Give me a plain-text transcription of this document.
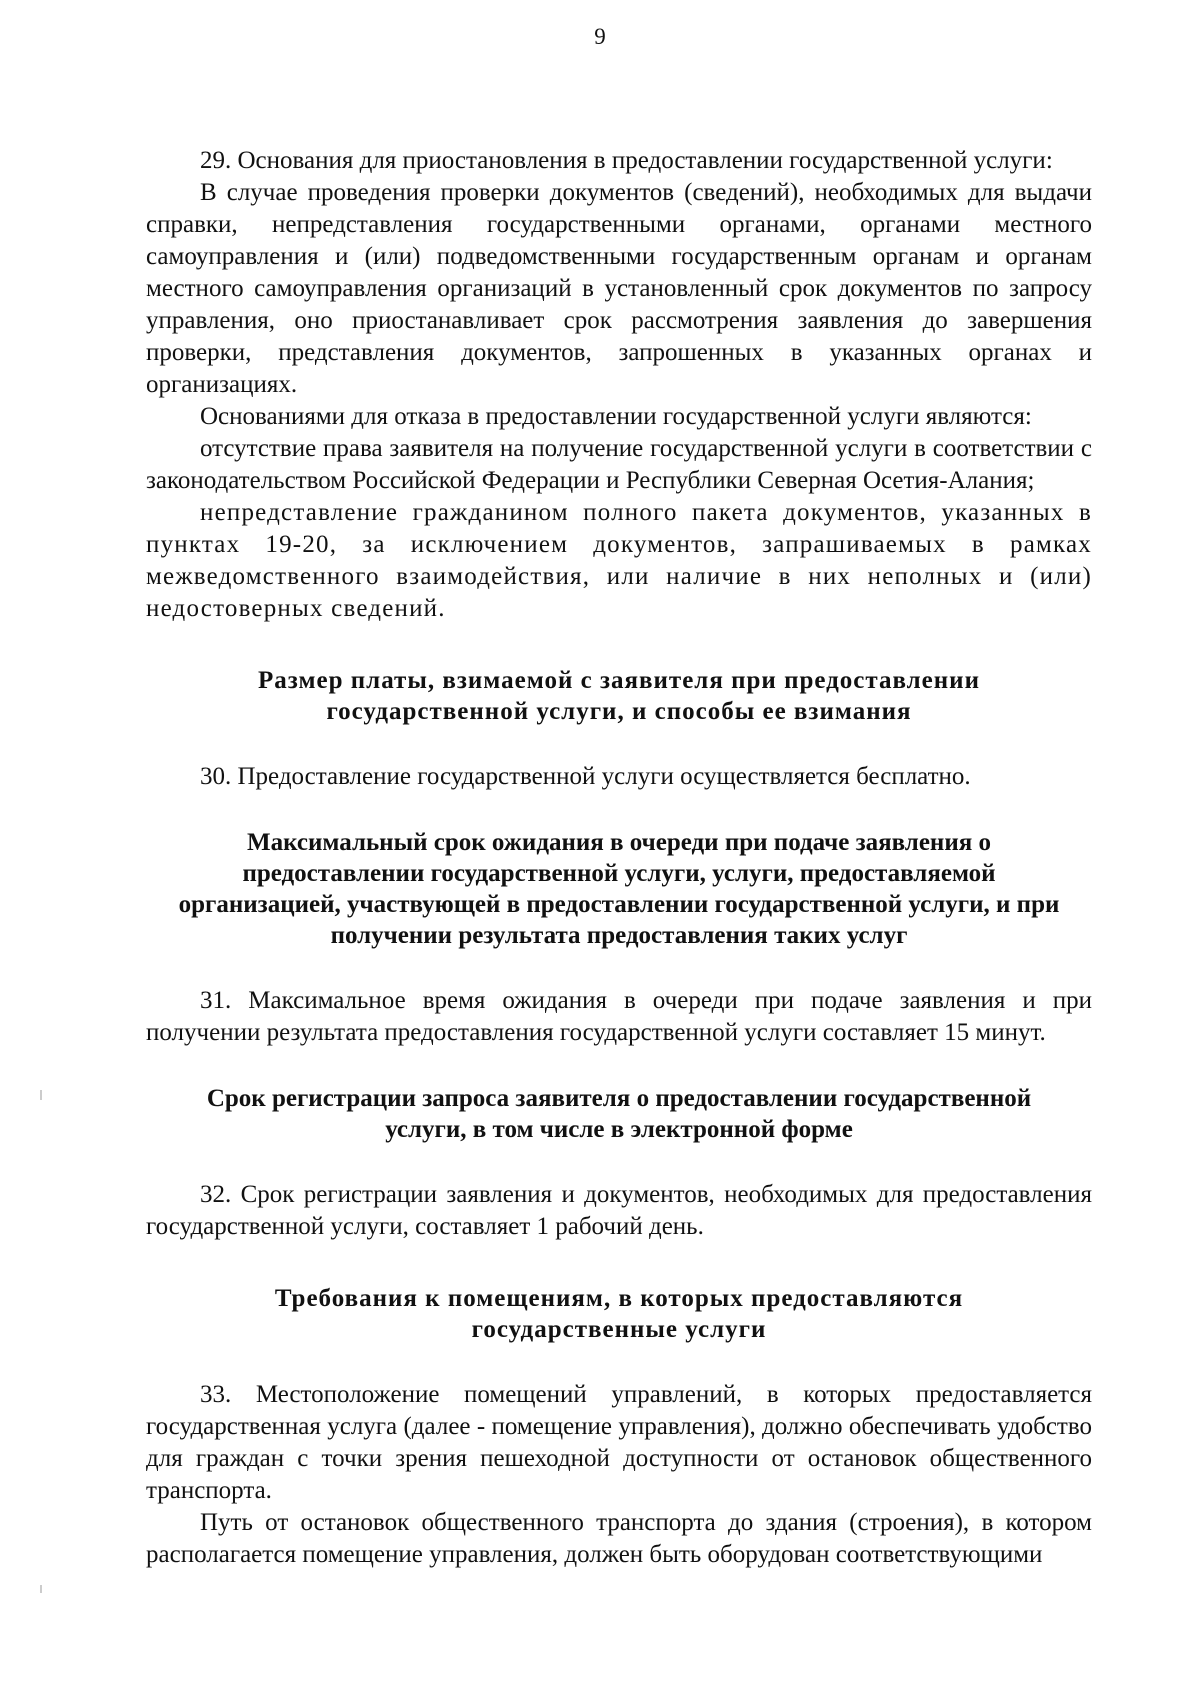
9

29. Основания для приостановления в предоставлении государственной услуги:

В случае проведения проверки документов (сведений), необходимых для выдачи справки, непредставления государственными органами, органами местного самоуправления и (или) подведомственными государственным органам и органам местного самоуправления организаций в установленный срок документов по запросу управления, оно приостанавливает срок рассмотрения заявления до завершения проверки, представления документов, запрошенных в указанных органах и организациях.

Основаниями для отказа в предоставлении государственной услуги являются:

отсутствие права заявителя на получение государственной услуги в соответствии с законодательством Российской Федерации и Республики Северная Осетия-Алания;

непредставление гражданином полного пакета документов, указанных в пунктах 19-20, за исключением документов, запрашиваемых в рамках межведомственного взаимодействия, или наличие в них неполных и (или) недостоверных сведений.

Размер платы, взимаемой с заявителя при предоставлении
государственной услуги, и способы ее взимания

30. Предоставление государственной услуги осуществляется бесплатно.

Максимальный срок ожидания в очереди при подаче заявления о
предоставлении государственной услуги, услуги, предоставляемой
организацией, участвующей в предоставлении государственной услуги, и при
получении результата предоставления таких услуг

31. Максимальное время ожидания в очереди при подаче заявления и при получении результата предоставления государственной услуги составляет 15 минут.

Срок регистрации запроса заявителя о предоставлении государственной
услуги, в том числе в электронной форме

32. Срок регистрации заявления и документов, необходимых для предоставления государственной услуги, составляет 1 рабочий день.

Требования к помещениям, в которых предоставляются
государственные услуги

33. Местоположение помещений управлений, в которых предоставляется государственная услуга (далее - помещение управления), должно обеспечивать удобство для граждан с точки зрения пешеходной доступности от остановок общественного транспорта.

Путь от остановок общественного транспорта до здания (строения), в котором располагается помещение управления, должен быть оборудован соответствующими
